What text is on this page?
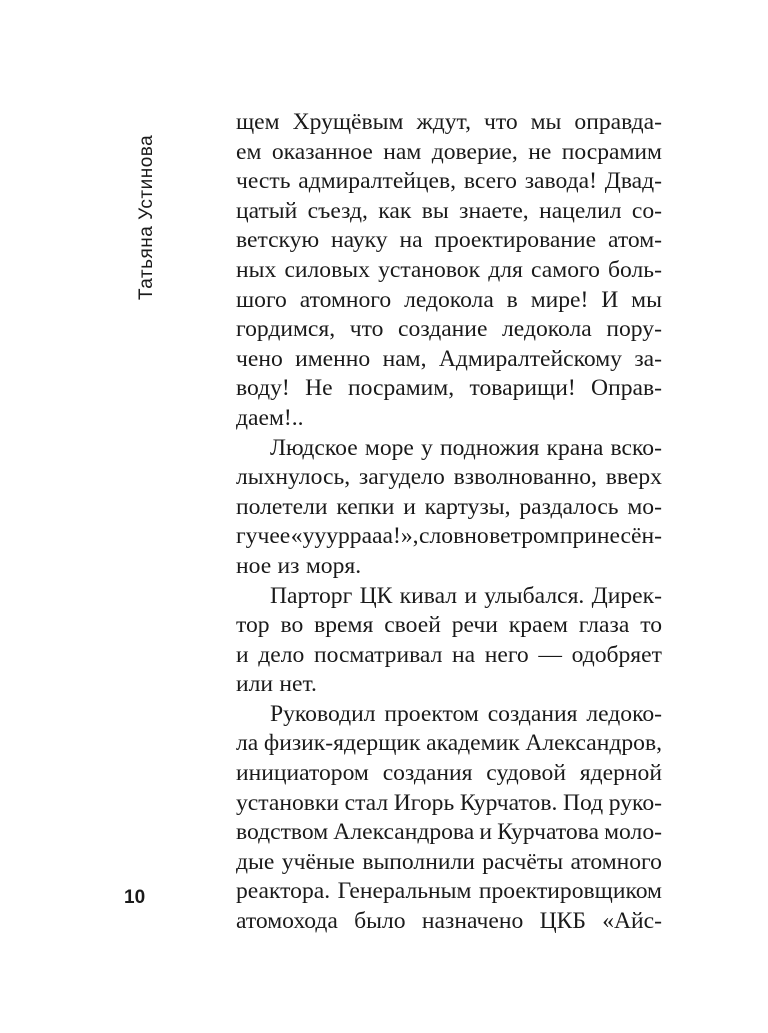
Татьяна Устинова
10
щем Хрущёвым ждут, что мы оправда-
ем оказанное нам доверие, не посрамим
честь адмиралтейцев, всего завода! Двад-
цатый съезд, как вы знаете, нацелил со-
ветскую науку на проектирование атом-
ных силовых установок для самого боль-
шого атомного ледокола в мире! И мы
гордимся, что создание ледокола пору-
чено именно нам, Адмиралтейскому за-
воду! Не посрамим, товарищи! Оправ-
даем!..
Людское море у подножия крана вско-
лыхнулось, загудело взволнованно, вверх
полетели кепки и картузы, раздалось мо-
гучее «уууррааа!», словно ветром принесён-
ное из моря.
Парторг ЦК кивал и улыбался. Дирек-
тор во время своей речи краем глаза то
и дело посматривал на него — одобряет
или нет.
Руководил проектом создания ледоко-
ла физик-ядерщик академик Александров,
инициатором создания судовой ядерной
установки стал Игорь Курчатов. Под руко-
водством Александрова и Курчатова моло-
дые учёные выполнили расчёты атомного
реактора. Генеральным проектировщиком
атомохода было назначено ЦКБ «Айс-
